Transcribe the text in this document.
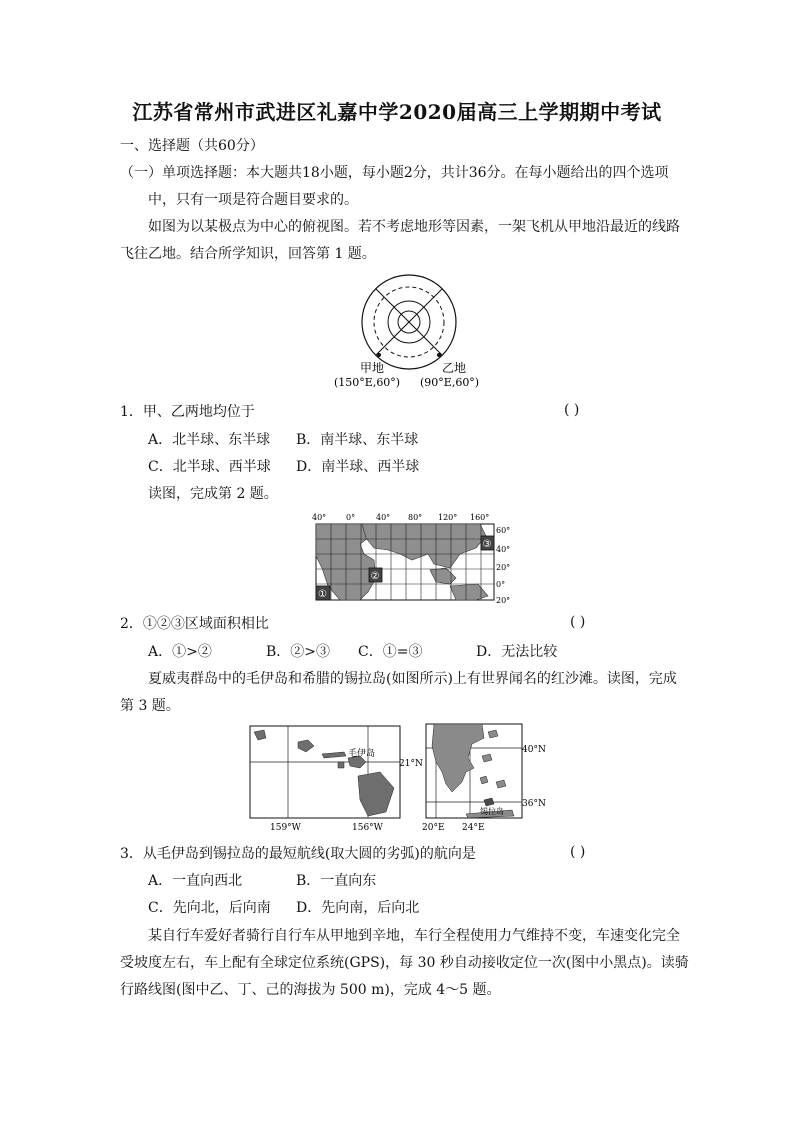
江苏省常州市武进区礼嘉中学2020届高三上学期期中考试
一、选择题（共60分）
（一）单项选择题：本大题共18小题，每小题2分，共计36分。在每小题给出的四个选项
中，只有一项是符合题目要求的。
如图为以某极点为中心的俯视图。若不考虑地形等因素，一架飞机从甲地沿最近的线路
飞往乙地。结合所学知识，回答第 1 题。
甲地
(150°E,60°)
乙地
(90°E,60°)
1．甲、乙两地均位于	( )
A．北半球、东半球 B．南半球、东半球
C．北半球、西半球 D．南半球、西半球
读图，完成第 2 题。
40° 0°	40° 80° 120° 160°
③
②
①
60°
40°
20°
0°
20°
2．①②③区域面积相比	( )
A．①>②	B．②>③ C．①=③	D．无法比较
夏威夷群岛中的毛伊岛和希腊的锡拉岛(如图所示)上有世界闻名的红沙滩。读图，完成
第 3 题。
毛伊岛
21°N
159°W	156°W
锡拉岛
40°N
36°N
20°E 24°E
3．从毛伊岛到锡拉岛的最短航线(取大圆的劣弧)的航向是	( )
A．一直向西北	B．一直向东
C．先向北，后向南 D．先向南，后向北
某自行车爱好者骑行自行车从甲地到辛地，车行全程使用力气维持不变，车速变化完全
受坡度左右，车上配有全球定位系统(GPS)，每 30 秒自动接收定位一次(图中小黑点)。读骑
行路线图(图中乙、丁、己的海拔为 500 m)，完成 4～5 题。
